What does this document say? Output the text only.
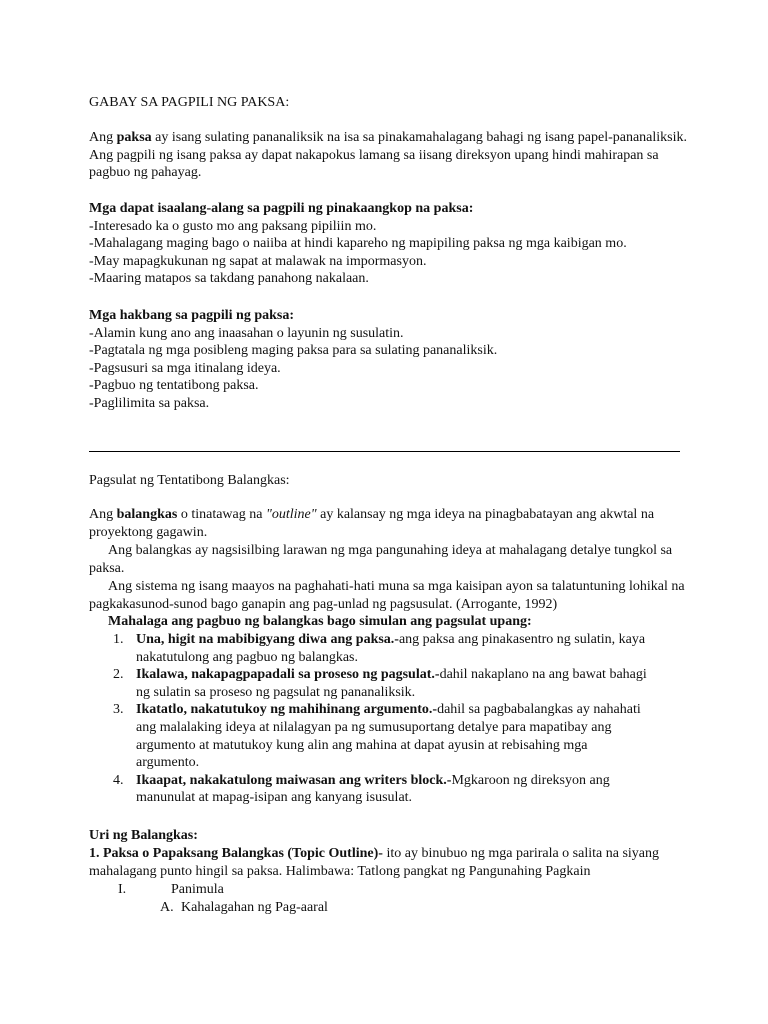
GABAY SA PAGPILI NG PAKSA:

Ang paksa ay isang sulating pananaliksik na isa sa pinakamahalagang bahagi ng isang papel-pananaliksik. Ang pagpili ng isang paksa ay dapat nakapokus lamang sa iisang direksyon upang hindi mahirapan sa pagbuo ng pahayag.

Mga dapat isaalang-alang sa pagpili ng pinakaangkop na paksa:

-Interesado ka o gusto mo ang paksang pipiliin mo.

-Mahalagang maging bago o naiiba at hindi kapareho ng mapipiling paksa ng mga kaibigan mo.

-May mapagkukunan ng sapat at malawak na impormasyon.

-Maaring matapos sa takdang panahong nakalaan.

Mga hakbang sa pagpili ng paksa:

-Alamin kung ano ang inaasahan o layunin ng susulatin.

-Pagtatala ng mga posibleng maging paksa para sa sulating pananaliksik.

-Pagsusuri sa mga itinalang ideya.

-Pagbuo ng tentatibong paksa.

-Paglilimita sa paksa.

Pagsulat ng Tentatibong Balangkas:

Ang balangkas o tinatawag na "outline" ay kalansay ng mga ideya na pinagbabatayan ang akwtal na proyektong gagawin.

Ang balangkas ay nagsisilbing larawan ng mga pangunahing ideya at mahalagang detalye tungkol sa paksa.

Ang sistema ng isang maayos na paghahati-hati muna sa mga kaisipan ayon sa talatuntuning lohikal na pagkakasunod-sunod bago ganapin ang pag-unlad ng pagsusulat. (Arrogante, 1992)

Mahalaga ang pagbuo ng balangkas bago simulan ang pagsulat upang:

1. Una, higit na mabibigyang diwa ang paksa.-ang paksa ang pinakasentro ng sulatin, kaya nakatutulong ang pagbuo ng balangkas.
2. Ikalawa, nakapagpapadali sa proseso ng pagsulat.-dahil nakaplano na ang bawat bahagi ng sulatin sa proseso ng pagsulat ng pananaliksik.
3. Ikatatlo, nakatutukoy ng mahihinang argumento.-dahil sa pagbabalangkas ay nahahati ang malalaking ideya at nilalagyan pa ng sumusuportang detalye para mapatibay ang argumento at matutukoy kung alin ang mahina at dapat ayusin at rebisahing mga argumento.
4. Ikaapat, nakakatulong maiwasan ang writers block.-Mgkaroon ng direksyon ang manunulat at mapag-isipan ang kanyang isusulat.

Uri ng Balangkas:

1. Paksa o Papaksang Balangkas (Topic Outline)- ito ay binubuo ng mga parirala o salita na siyang mahalagang punto hingil sa paksa. Halimbawa: Tatlong pangkat ng Pangunahing Pagkain

I.	Panimula
A. Kahalagahan ng Pag-aaral
